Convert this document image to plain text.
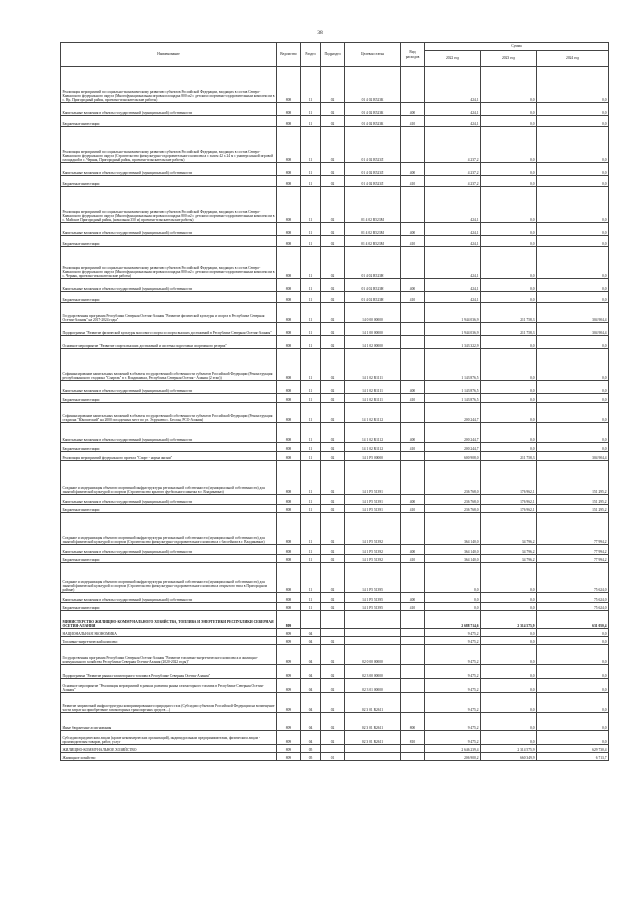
38
Наименование	Ведомство	Раздел	Подраздел	Целевая статья	Вид расходов	Сумма		
						2022 год	2023 год	2024 год
Реализация мероприятий по социально-экономическому развитию субъектов Российской Федерации, входящих в состав Северо-Кавказского федерального округа (Многофункциональная игровая площадка 800 м2 с детским спортивно-оздоровительным комплексом в с. Нр. Пригородный район, проектно-изыскательские работы)	808	11	02	01 4 02 R523К		424,1	0,0	0,0
Капитальные вложения в объекты государственной (муниципальной) собственности	808	11	02	01 4 02 R523К	400	424,1	0,0	0,0
Бюджетные инвестиции	808	11	02	01 4 02 R523К	410	424,1	0,0	0,0
Реализация мероприятий по социально-экономическому развитию субъектов Российской Федерации, входящих в состав Северо-Кавказского федерального округа (Строительство физкультурно-оздоровительного комплекса с залом 42 х 24 м с универсальной игровой площадкой в с. Черняк, Пригородный район, проектно-изыскательские работы)	808	11	02	01 4 02 R523Л		4 237,2	0,0	0,0
Капитальные вложения в объекты государственной (муниципальной) собственности	808	11	02	01 4 02 R523Л	400	4 237,2	0,0	0,0
Бюджетные инвестиции	808	11	02	01 4 02 R523Л	410	4 237,2	0,0	0,0
Реализация мероприятий по социально-экономическому развитию субъектов Российской Федерации, входящих в состав Северо-Кавказского федерального округа (Многофункциональная игровая площадка 800 м2 с детским спортивно-оздоровительным комплексом в с. Майское Пригородный район, (начальная 350 м) проектно-изыскательские работы)	808	11	02	01 4 02 R523М		424,1	0,0	0,0
Капитальные вложения в объекты государственной (муниципальной) собственности	808	11	02	01 4 02 R523М	400	424,1	0,0	0,0
Бюджетные инвестиции	808	11	02	01 4 02 R523М	410	424,1	0,0	0,0
Реализация мероприятий по социально-экономическому развитию субъектов Российской Федерации, входящих в состав Северо-Кавказского федерального округа (Многофункциональная игровая площадка 800 м2 с детским спортивно-оздоровительным комплексом в с. Черняк, проектно-изыскательские работы)	808	11	02	01 4 02 R523Н		424,1	0,0	0,0
Капитальные вложения в объекты государственной (муниципальной) собственности	808	11	02	01 4 02 R523Н	400	424,1	0,0	0,0
Бюджетные инвестиции	808	11	02	01 4 02 R523Н	410	424,1	0,0	0,0
Государственная программа Республики Северная Осетия-Алания "Развитие физической культуры и спорта в Республике Северная Осетия-Алания" на 2017-2024 годы"	808	11	02	14 0 00 00000		1 944 036,9	211 758,3	304 904,4
Подпрограмма "Развитие физической культуры массового спорта и спорта высших достижений в Республике Северная Осетия-Алания"	808	11	02	14 1 00 00000		1 944 036,9	211 758,3	304 904,4
Основное мероприятие "Развитие спорта высших достижений и системы подготовки спортивного резерва"	808	11	02	14 1 02 00000		1 343 322,9	0,0	0,0
Софинансирование капитальных вложений в объекты государственной собственности субъектов Российской Федерации (Реконструкция республиканского стадиона "Спартак" в г. Владикавказ, Республика Северная Осетия - Алания (2 этап))	808	11	02	14 1 02 R1111		1 143 876,5	0,0	0,0
Капитальные вложения в объекты государственной (муниципальной) собственности	808	11	02	14 1 02 R1111	400	1 143 876,5	0,0	0,0
Бюджетные инвестиции	808	11	02	14 1 02 R1111	410	1 143 876,5	0,0	0,0
Софинансирование капитальных вложений в объекты государственной собственности субъектов Российской Федерации (Реконструкция стадиона "Юношеский" на 2000 посадочных мест по ул. Эсрукаева с. Беслан, РСО-Алания)	808	11	02	14 1 02 R1112		200 244,7	0,0	0,0
Капитальные вложения в объекты государственной (муниципальной) собственности	808	11	02	14 1 02 R1112	400	200 244,7	0,0	0,0
Бюджетные инвестиции	808	11	02	14 1 02 R1112	410	200 244,7	0,0	0,0
Реализация мероприятий федерального проекта "Спорт - норма жизни"	808	11	02	14 1 P5 00000		600 908,0	211 758,3	304 904,4
Создание и модернизация объектов спортивной инфраструктуры региональной собственности (муниципальной собственности) для занятий физической культурой и спортом (Строительство крытого футбольного манежа в г. Владикавказ)	808	11	02	14 1 P5 51391		236 768,0	176 962,1	151 295,2
Капитальные вложения в объекты государственной (муниципальной) собственности	808	11	02	14 1 P5 51391	400	236 768,0	176 962,1	151 295,2
Бюджетные инвестиции	808	11	02	14 1 P5 51391	410	236 768,0	176 962,1	151 295,2
Создание и модернизация объектов спортивной инфраструктуры региональной собственности (муниципальной собственности) для занятий физической культурой и спортом (Строительство физкультурно-оздоровительного комплекса с бассейном в г. Владикавказ)	808	11	02	14 1 P5 51392		364 140,0	34 796,2	77 994,2
Капитальные вложения в объекты государственной (муниципальной) собственности	808	11	02	14 1 P5 51392	400	364 140,0	34 796,2	77 994,2
Бюджетные инвестиции	808	11	02	14 1 P5 51392	410	364 140,0	34 796,2	77 994,2
Создание и модернизация объектов спортивной инфраструктуры региональной собственности (муниципальной собственности) для занятий физической культурой и спортом (Строительство физкультурно-оздоровительного комплекса открытого типа в Пригородном районе)	808	11	02	14 1 P5 51395		0,0	0,0	75 624,0
Капитальные вложения в объекты государственной (муниципальной) собственности	808	11	02	14 1 P5 51395	400	0,0	0,0	75 624,0
Бюджетные инвестиции	808	11	02	14 1 P5 51395	410	0,0	0,0	75 624,0
МИНИСТЕРСТВО ЖИЛИЩНО-КОММУНАЛЬНОГО ХОЗЯЙСТВА, ТОПЛИВА И ЭНЕРГЕТИКИ РЕСПУБЛИКИ СЕВЕРНАЯ ОСЕТИЯ-АЛАНИЯ	809					2 688 714,6	2 314 575,9	631 050,4
НАЦИОНАЛЬНАЯ ЭКОНОМИКА	809	04				9 475,2	0,0	0,0
Топливно-энергетический комплекс	809	04	02			9 475,2	0,0	0,0
Государственная программа Республики Северная Осетия-Алания "Развитие топливно-энергетического комплекса и жилищно-коммунального хозяйства Республики Северная Осетия-Алания (2020-2022 годы)"	809	04	02	02 0 00 00000		9 475,2	0,0	0,0
Подпрограмма "Развитие рынка газомоторного топлива в Республике Северная Осетия-Алания"	809	04	02	02 3 00 00000		9 475,2	0,0	0,0
Основное мероприятие "Реализация мероприятий в рамках развития рынка газомоторного топлива в Республике Северная Осетия-Алания"	809	04	02	02 3 01 00000		9 475,2	0,0	0,0
Развитие заправочной инфраструктуры компримированного природного газа (Субсидии субъектам Российской Федерации на возмещение части затрат на приобретение газомоторных транспортных средств ...)	809	04	02	02 3 01 R2611		9 475,2	0,0	0,0
Иные бюджетные ассигнования	809	04	02	02 3 01 R2611	800	9 475,2	0,0	0,0
Субсидии юридическим лицам (кроме некоммерческих организаций), индивидуальным предпринимателям, физическим лицам - производителям товаров, работ, услуг	809	04	02	02 3 01 R2611	810	9 475,2	0,0	0,0
ЖИЛИЩНО-КОММУНАЛЬНОЕ ХОЗЯЙСТВО	809	05				2 646 239,4	2 314 575,9	629 730,4
Жилищное хозяйство	809	05	01			206 900,2	660 349,9	6 713,7
